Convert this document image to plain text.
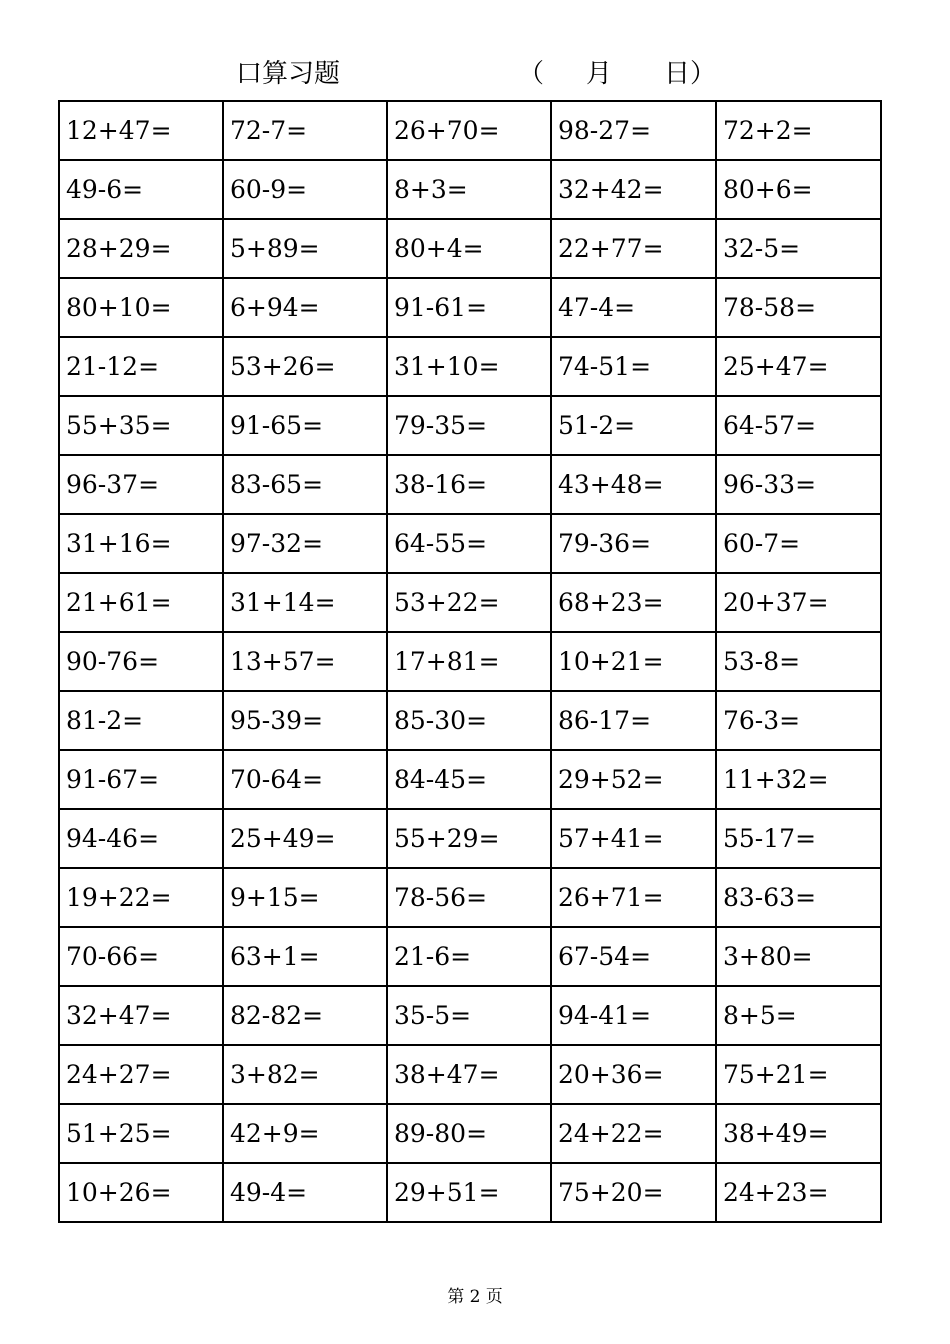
口算习题	（ 月 日）
12+47=	72-7=	26+70=	98-27=	72+2=
49-6=	60-9=	8+3=	32+42=	80+6=
28+29=	5+89=	80+4=	22+77=	32-5=
80+10=	6+94=	91-61=	47-4=	78-58=
21-12=	53+26=	31+10=	74-51=	25+47=
55+35=	91-65=	79-35=	51-2=	64-57=
96-37=	83-65=	38-16=	43+48=	96-33=
31+16=	97-32=	64-55=	79-36=	60-7=
21+61=	31+14=	53+22=	68+23=	20+37=
90-76=	13+57=	17+81=	10+21=	53-8=
81-2=	95-39=	85-30=	86-17=	76-3=
91-67=	70-64=	84-45=	29+52=	11+32=
94-46=	25+49=	55+29=	57+41=	55-17=
19+22=	9+15=	78-56=	26+71=	83-63=
70-66=	63+1=	21-6=	67-54=	3+80=
32+47=	82-82=	35-5=	94-41=	8+5=
24+27=	3+82=	38+47=	20+36=	75+21=
51+25=	42+9=	89-80=	24+22=	38+49=
10+26=	49-4=	29+51=	75+20=	24+23=
第 2 页
